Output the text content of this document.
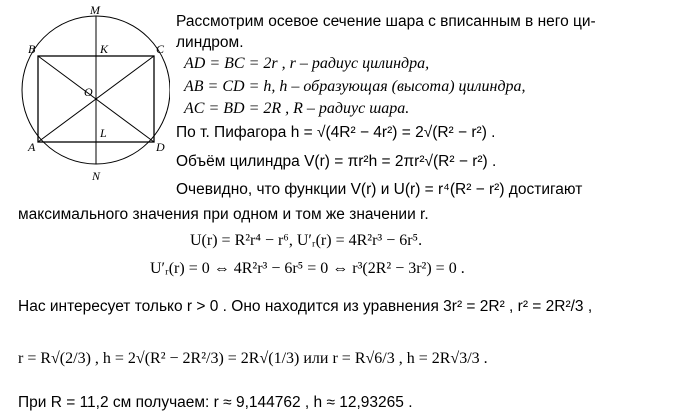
M
B	K	C
O
L
A	D
N
Рассмотрим осевое сечение шара с вписанным в него ци-
линдром.
AD = BC = 2r , r – радиус цилиндра,
AB = CD = h, h – образующая (высота) цилиндра,
AC = BD = 2R , R – радиус шара.
По т. Пифагора h = √(4R² − 4r²) = 2√(R² − r²) .
Объём цилиндра V(r) = πr²h = 2πr²√(R² − r²) .
Очевидно, что функции V(r) и U(r) = r⁴(R² − r²) достигают
максимального значения при одном и том же значении r.
U(r) = R²r⁴ − r⁶, U′ᵣ(r) = 4R²r³ − 6r⁵.
U′ᵣ(r) = 0 ⇔ 4R²r³ − 6r⁵ = 0 ⇔ r³(2R² − 3r²) = 0 .
Нас интересует только r > 0 . Оно находится из уравнения 3r² = 2R² , r² = 2R²/3 ,
r = R√(2/3) , h = 2√(R² − 2R²/3) = 2R√(1/3) или r = R√6/3 , h = 2R√3/3 .
При R = 11,2 см получаем: r ≈ 9,144762 , h ≈ 12,93265 .
